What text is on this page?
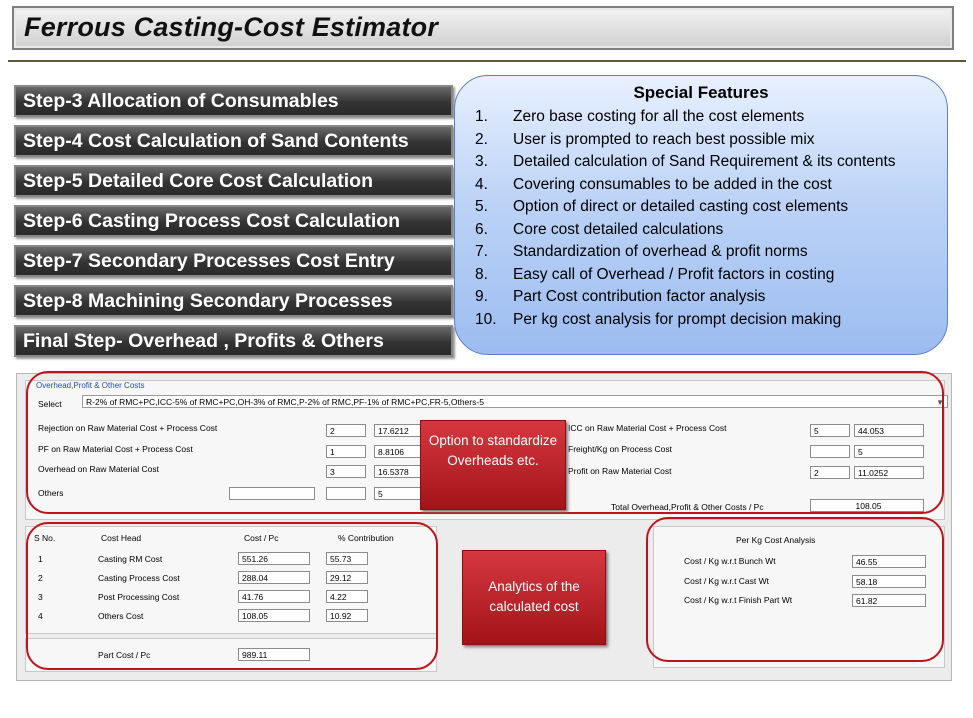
Ferrous Casting-Cost Estimator
Step-3 Allocation of Consumables
Step-4 Cost Calculation of Sand Contents
Step-5 Detailed Core Cost Calculation
Step-6 Casting Process Cost Calculation
Step-7 Secondary Processes Cost Entry
Step-8 Machining Secondary Processes
Final Step- Overhead , Profits & Others
Special Features
1.	Zero base costing for all the cost elements
2.	User is prompted to reach best possible mix
3.	Detailed calculation of Sand Requirement & its contents
4.	Covering consumables to be added in the cost
5.	Option of direct or detailed casting cost elements
6.	Core cost detailed calculations
7.	Standardization of overhead & profit norms
8.	Easy call of Overhead / Profit factors in costing
9.	Part Cost contribution factor analysis
10.	Per kg cost analysis for prompt decision making
Overhead,Profit & Other Costs
Select	R-2% of RMC+PC,ICC-5% of RMC+PC,OH-3% of RMC,P-2% of RMC,PF-1% of RMC+PC,FR-5,Others-5	▼
Rejection on Raw Material Cost + Process Cost	2	17.6212
PF on Raw Material Cost + Process Cost	1	8.8106
Overhead on Raw Material Cost	3	16.5378
Others	5
ICC on Raw Material Cost + Process Cost	5	44.053
Freight/Kg on Process Cost	5
Profit on Raw Material Cost	2	11.0252
Total Overhead,Profit & Other Costs / Pc	108.05
S No.	Cost Head	Cost / Pc	% Contribution
1	Casting RM Cost	551.26	55.73
2	Casting Process Cost	288.04	29.12
3	Post Processing Cost	41.76	4.22
4	Others Cost	108.05	10.92
Part Cost / Pc	989.11
Per Kg Cost Analysis
Cost / Kg w.r.t Bunch Wt	46.55
Cost / Kg w.r.t Cast Wt	58.18
Cost / Kg w.r.t Finish Part Wt	61.82
Option to standardize Overheads etc.
Analytics of the calculated cost
